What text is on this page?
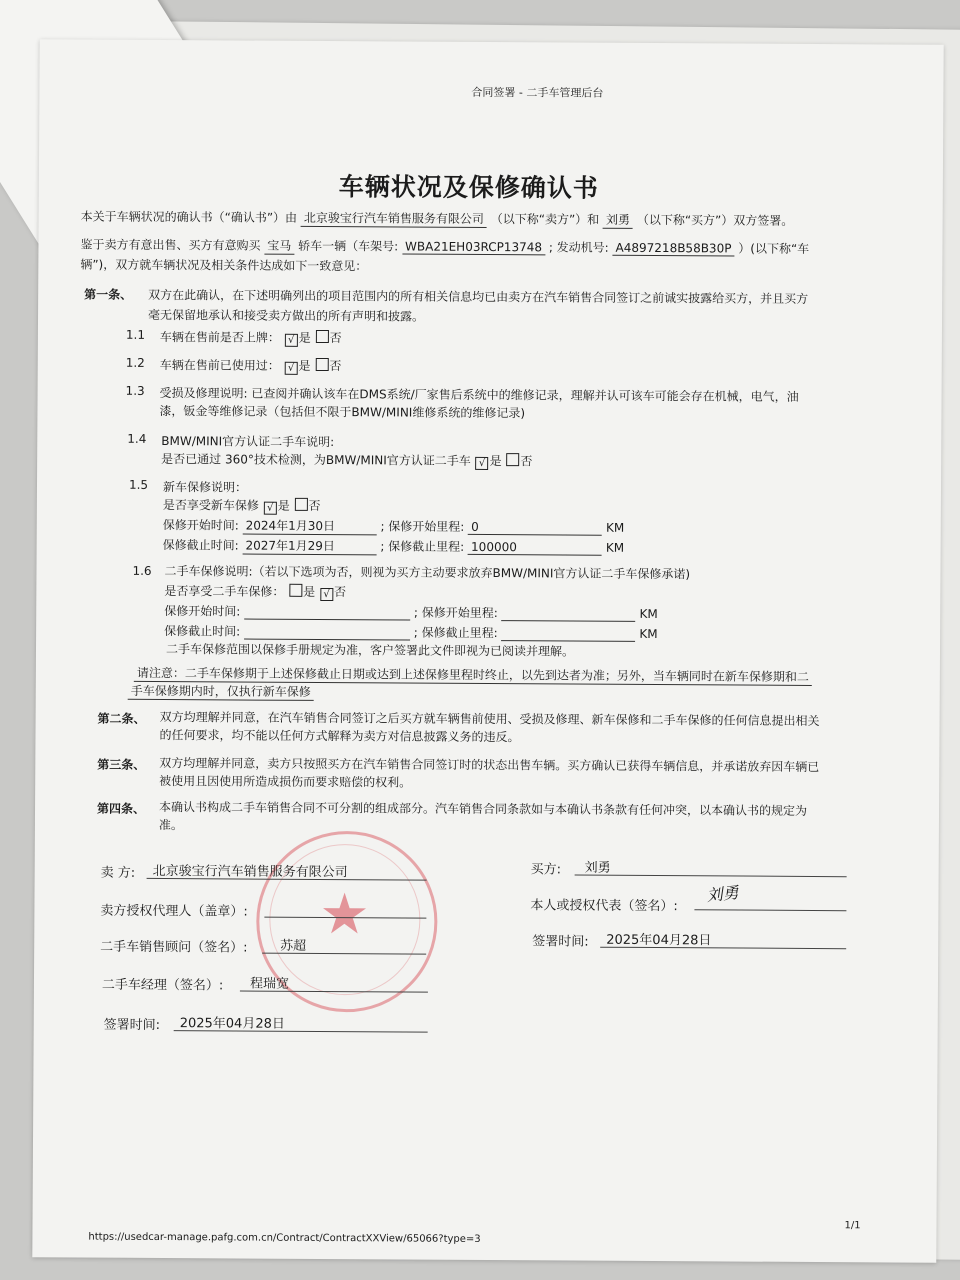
合同签署 - 二手车管理后台
车辆状况及保修确认书
本关于车辆状况的确认书（“确认书”）由 北京骏宝行汽车销售服务有限公司 （以下称“卖方”）和 刘勇 （以下称“买方”）双方签署。
鉴于卖方有意出售、买方有意购买 宝马 轿车一辆（车架号: WBA21EH03RCP13748 ; 发动机号: A4897218B58B30P ）(以下称“车
辆”)，双方就车辆状况及相关条件达成如下一致意见：
第一条、 双方在此确认，在下述明确列出的项目范围内的所有相关信息均已由卖方在汽车销售合同签订之前诚实披露给买方，并且买方
毫无保留地承认和接受卖方做出的所有声明和披露。
1.1 车辆在售前是否上牌： √ 是 否
1.2 车辆在售前已使用过： √ 是 否
1.3 受损及修理说明: 已查阅并确认该车在DMS系统/厂家售后系统中的维修记录，理解并认可该车可能会存在机械，电气，油
漆，钣金等维修记录（包括但不限于BMW/MINI维修系统的维修记录)
1.4 BMW/MINI官方认证二手车说明:
是否已通过 360°技术检测，为BMW/MINI官方认证二手车 √ 是 否
1.5 新车保修说明：
是否享受新车保修 √ 是 否
保修开始时间: 2024年1月30日	; 保修开始里程: 0	KM
保修截止时间: 2027年1月29日	; 保修截止里程: 100000	KM
1.6 二手车保修说明:（若以下选项为否，则视为买方主动要求放弃BMW/MINI官方认证二手车保修承诺)
是否享受二手车保修： 是 √ 否
保修开始时间:	; 保修开始里程:	KM
保修截止时间:	; 保修截止里程:	KM
二手车保修范围以保修手册规定为准，客户签署此文件即视为已阅读并理解。
请注意：二手车保修期于上述保修截止日期或达到上述保修里程时终止，以先到达者为准；另外，当车辆同时在新车保修期和二
手车保修期内时，仅执行新车保修
第二条、 双方均理解并同意，在汽车销售合同签订之后买方就车辆售前使用、受损及修理、新车保修和二手车保修的任何信息提出相关
的任何要求，均不能以任何方式解释为卖方对信息披露义务的违反。
第三条、 双方均理解并同意，卖方只按照买方在汽车销售合同签订时的状态出售车辆。买方确认已获得车辆信息，并承诺放弃因车辆已
被使用且因使用所造成损伤而要求赔偿的权利。
第四条、 本确认书构成二手车销售合同不可分割的组成部分。汽车销售合同条款如与本确认书条款有任何冲突，以本确认书的规定为
准。
★
卖 方: 北京骏宝行汽车销售服务有限公司
卖方授权代理人（盖章）:
二手车销售顾问（签名）:	苏超
二手车经理（签名）: 程瑞宽
签署时间: 2025年04月28日
买方: 刘勇
本人或授权代表（签名）:
刘勇
签署时间: 2025年04月28日
https://usedcar-manage.pafg.com.cn/Contract/ContractXXView/65066?type=3
1/1
